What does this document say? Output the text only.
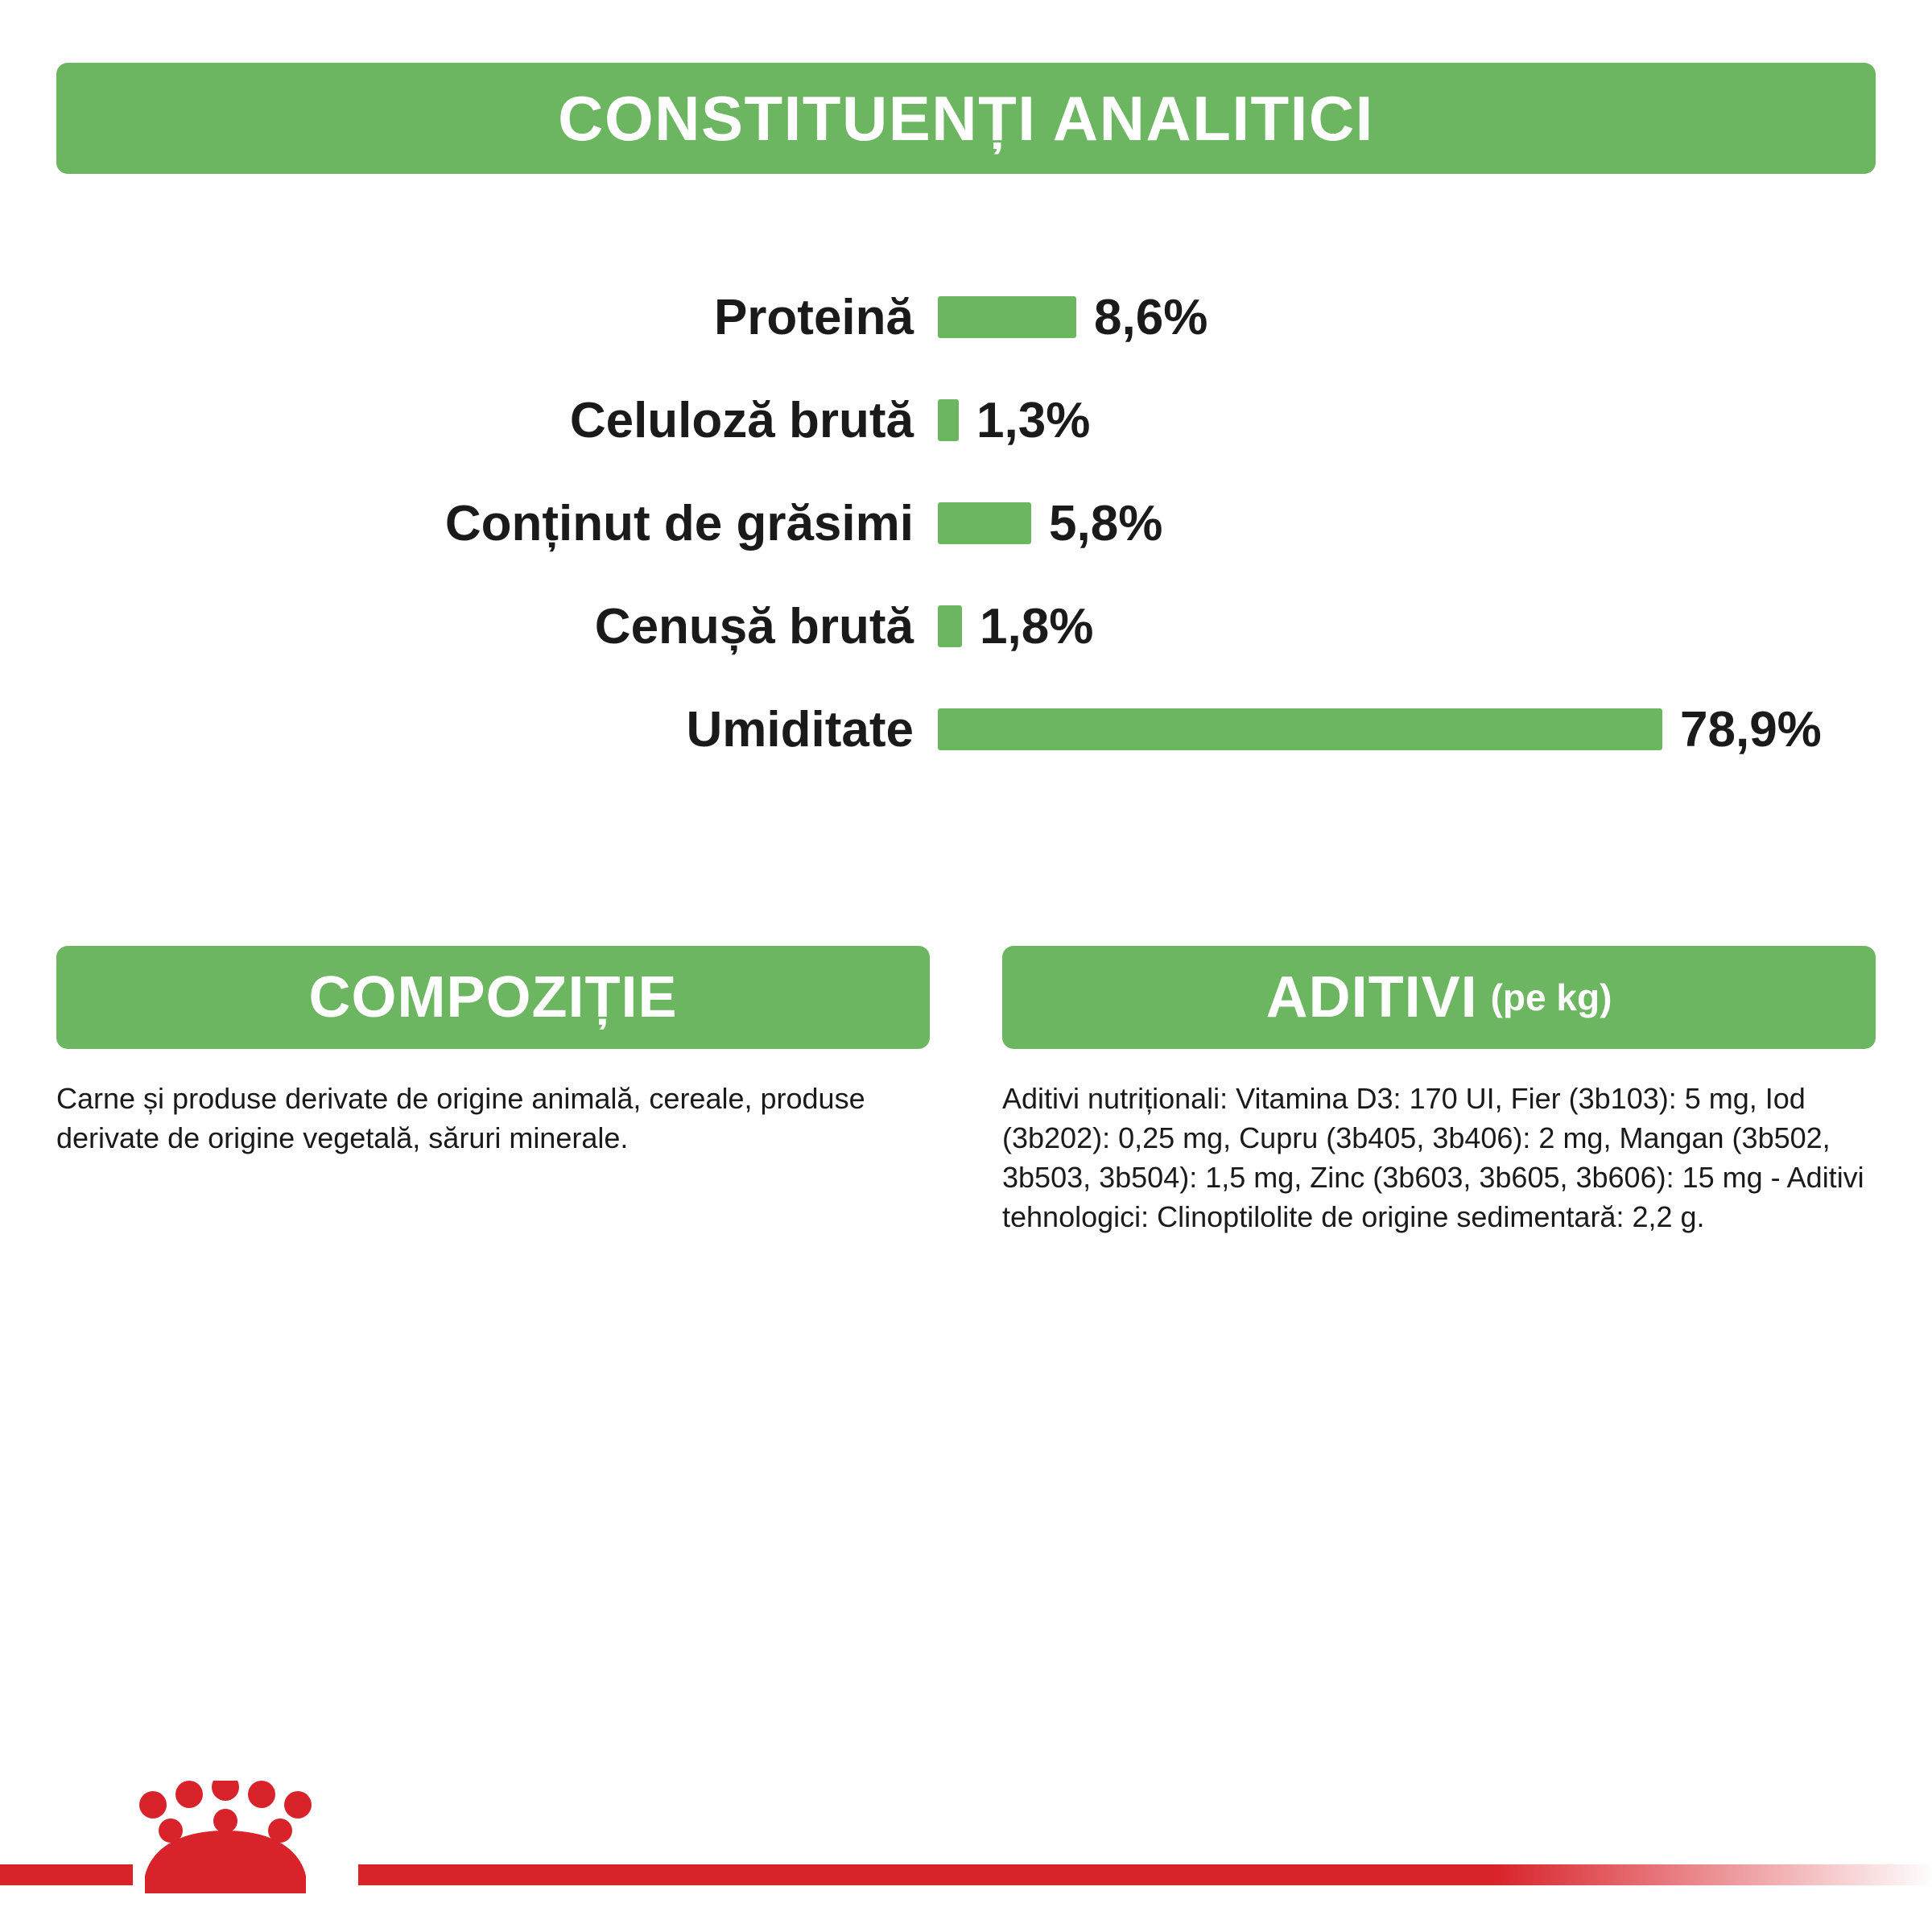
CONSTITUENȚI ANALITICI
Proteină	8,6%
Celuloză brută	1,3%
Conținut de grăsimi	5,8%
Cenușă brută	1,8%
Umiditate	78,9%
COMPOZIȚIE
Carne și produse derivate de origine animală, cereale, produse derivate de origine vegetală, săruri minerale.
ADITIVI (pe kg)
Aditivi nutriționali: Vitamina D3: 170 UI, Fier (3b103): 5 mg, Iod (3b202): 0,25 mg, Cupru (3b405, 3b406): 2 mg, Mangan (3b502, 3b503, 3b504): 1,5 mg, Zinc (3b603, 3b605, 3b606): 15 mg - Aditivi tehnologici: Clinoptilolite de origine sedimentară: 2,2 g.
